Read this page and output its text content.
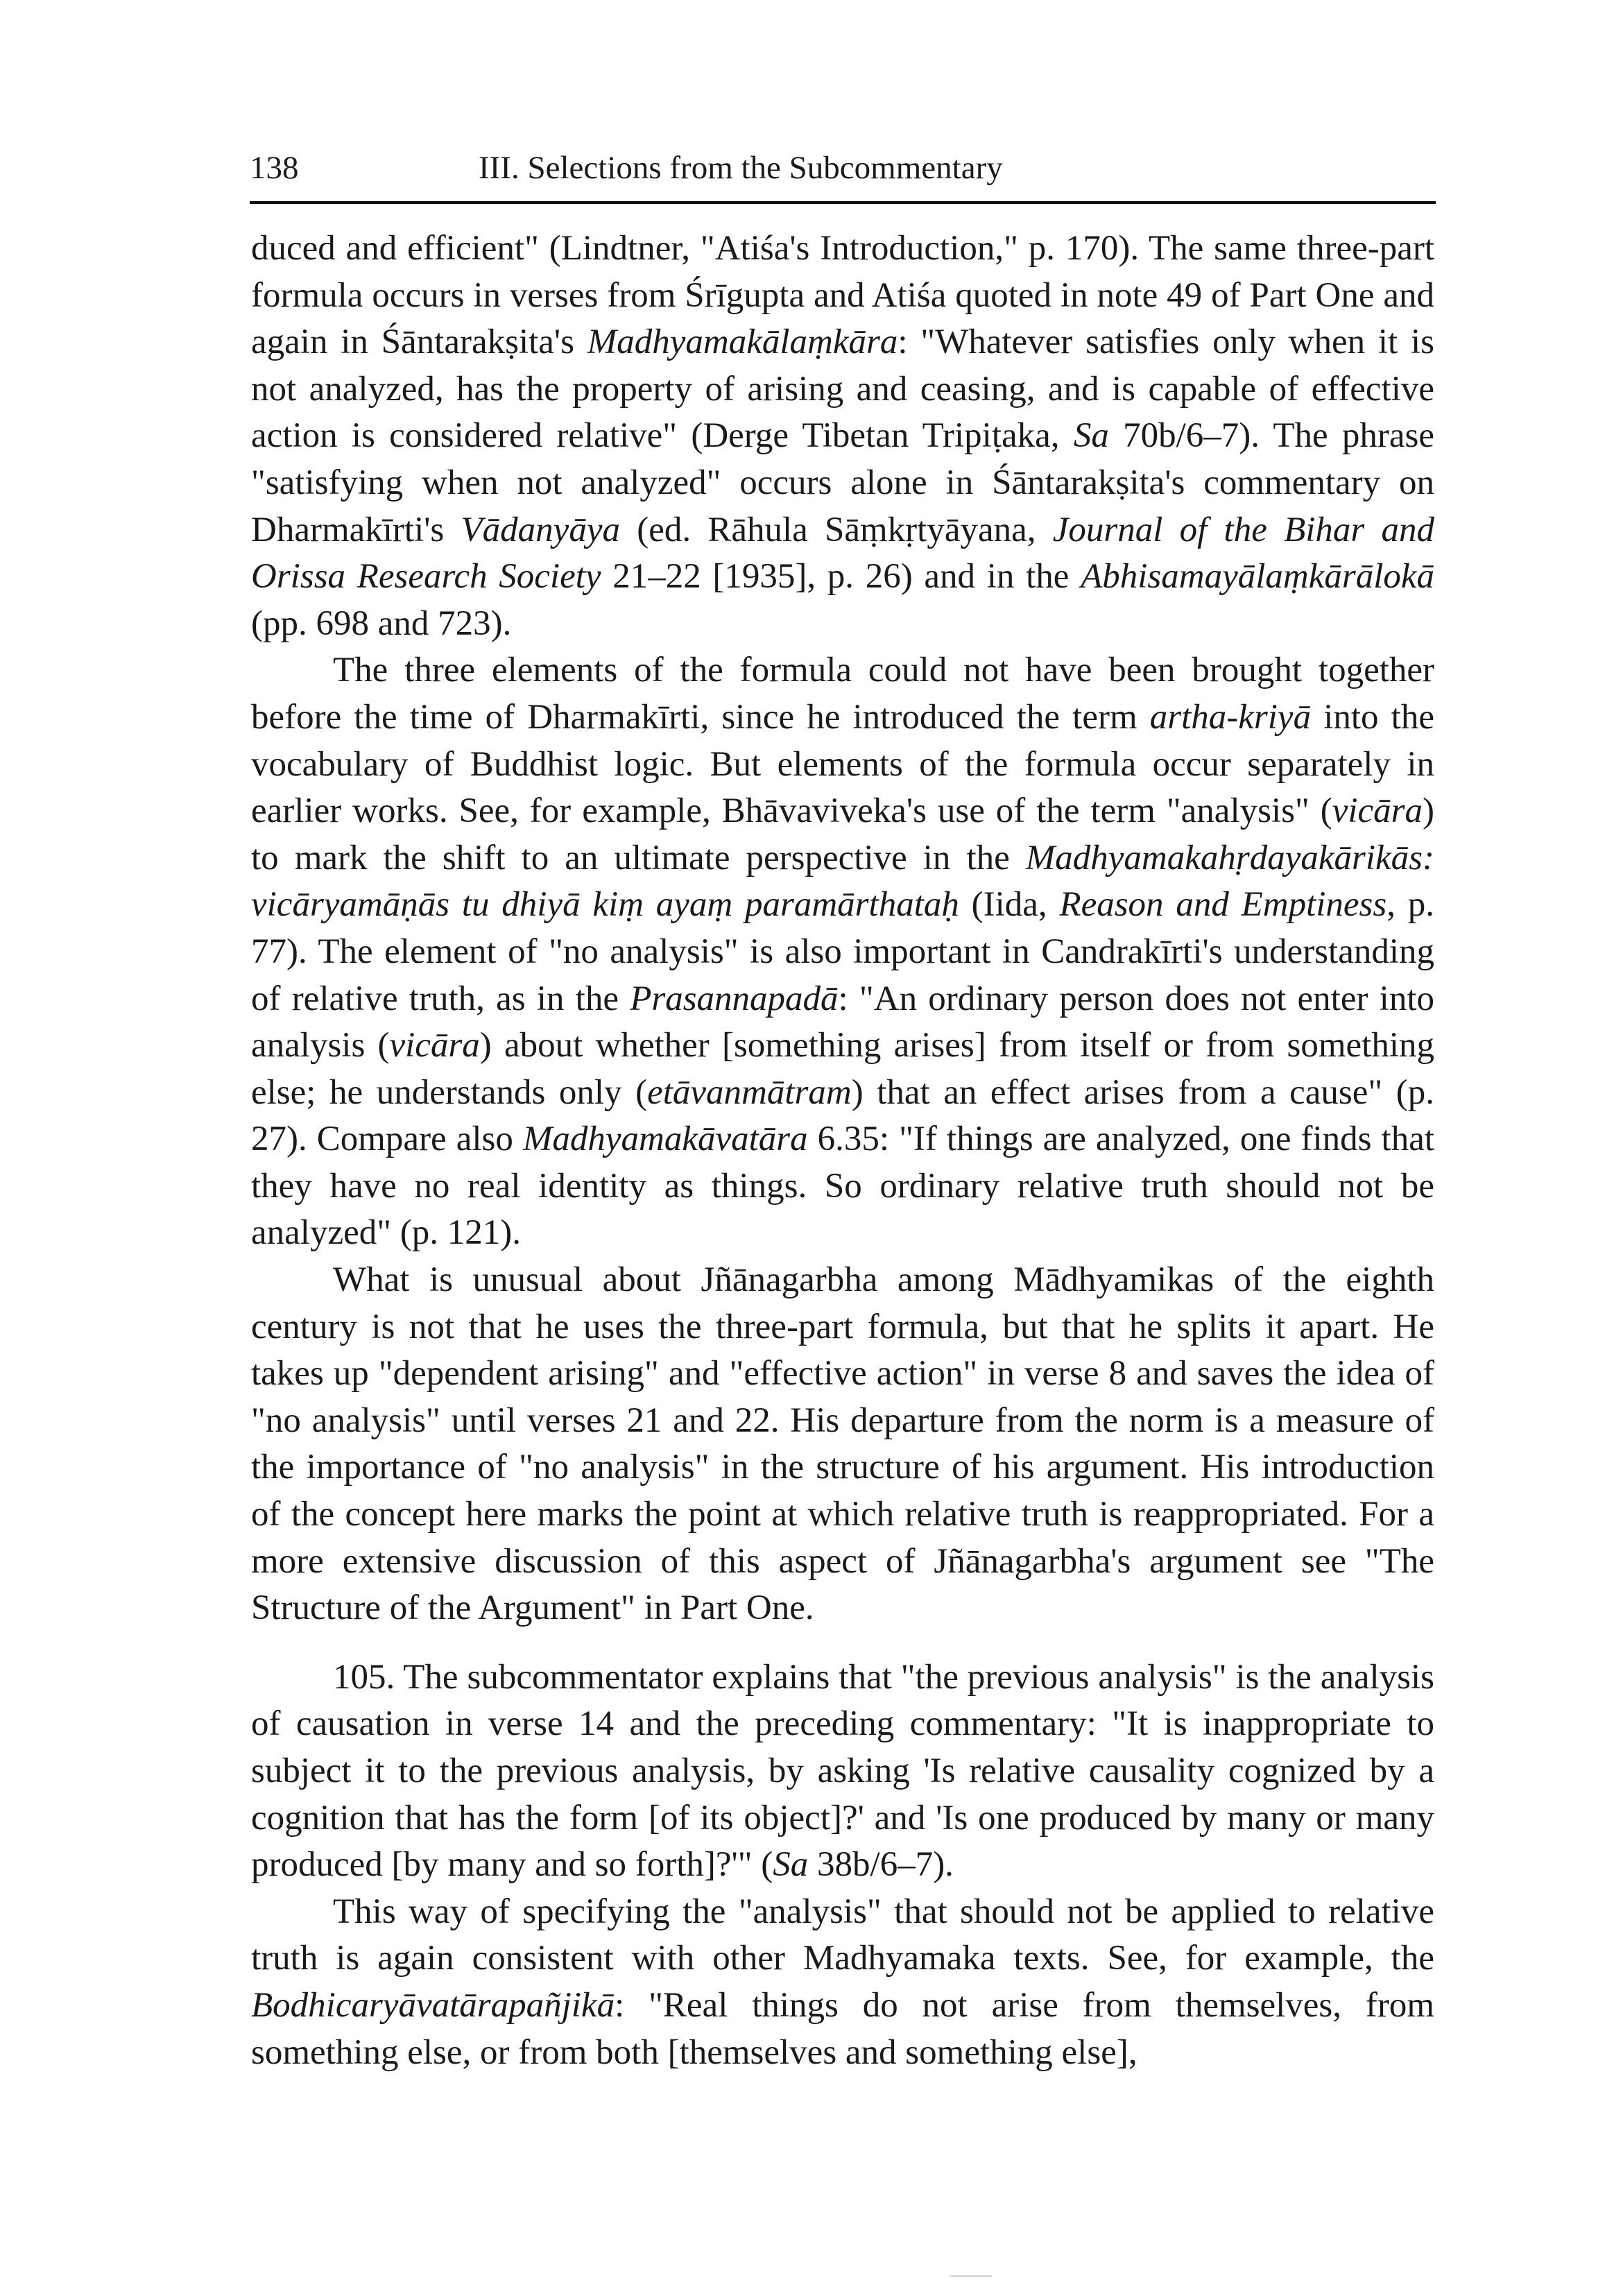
138	III. Selections from the Subcommentary

duced and efficient" (Lindtner, "Atiśa's Introduction," p. 170). The same three-part formula occurs in verses from Śrīgupta and Atiśa quoted in note 49 of Part One and again in Śāntarakṣita's Madhyamakālaṃkāra: "Whatever satisfies only when it is not analyzed, has the property of arising and ceasing, and is capable of effective action is considered relative" (Derge Tibetan Tripiṭaka, Sa 70b/6–7). The phrase "satisfying when not analyzed" occurs alone in Śāntarakṣita's commentary on Dharmakīrti's Vādanyāya (ed. Rāhula Sāṃkṛtyāyana, Journal of the Bihar and Orissa Research Society 21–22 [1935], p. 26) and in the Abhisamayālaṃkārālokā (pp. 698 and 723).

The three elements of the formula could not have been brought together before the time of Dharmakīrti, since he introduced the term artha-kriyā into the vocabulary of Buddhist logic. But elements of the formula occur separately in earlier works. See, for example, Bhāvaviveka's use of the term "analysis" (vicāra) to mark the shift to an ultimate perspective in the Madhyamakahṛdayakārikās: vicāryamāṇās tu dhiyā kiṃ ayaṃ paramārthataḥ (Iida, Reason and Emptiness, p. 77). The element of "no analysis" is also important in Candrakīrti's understanding of relative truth, as in the Prasannapadā: "An ordinary person does not enter into analysis (vicāra) about whether [something arises] from itself or from something else; he understands only (etāvanmātram) that an effect arises from a cause" (p. 27). Compare also Madhyamakāvatāra 6.35: "If things are analyzed, one finds that they have no real identity as things. So ordinary relative truth should not be analyzed" (p. 121).

What is unusual about Jñānagarbha among Mādhyamikas of the eighth century is not that he uses the three-part formula, but that he splits it apart. He takes up "dependent arising" and "effective action" in verse 8 and saves the idea of "no analysis" until verses 21 and 22. His departure from the norm is a measure of the importance of "no analysis" in the structure of his argument. His introduction of the concept here marks the point at which relative truth is reappropriated. For a more extensive discussion of this aspect of Jñānagarbha's argument see "The Structure of the Argument" in Part One.

105. The subcommentator explains that "the previous analysis" is the analysis of causation in verse 14 and the preceding commentary: "It is inappropriate to subject it to the previous analysis, by asking 'Is relative causality cognized by a cognition that has the form [of its object]?' and 'Is one produced by many or many produced [by many and so forth]?'" (Sa 38b/6–7).

This way of specifying the "analysis" that should not be applied to relative truth is again consistent with other Madhyamaka texts. See, for example, the Bodhicaryāvatārapañjikā: "Real things do not arise from themselves, from something else, or from both [themselves and something else],
